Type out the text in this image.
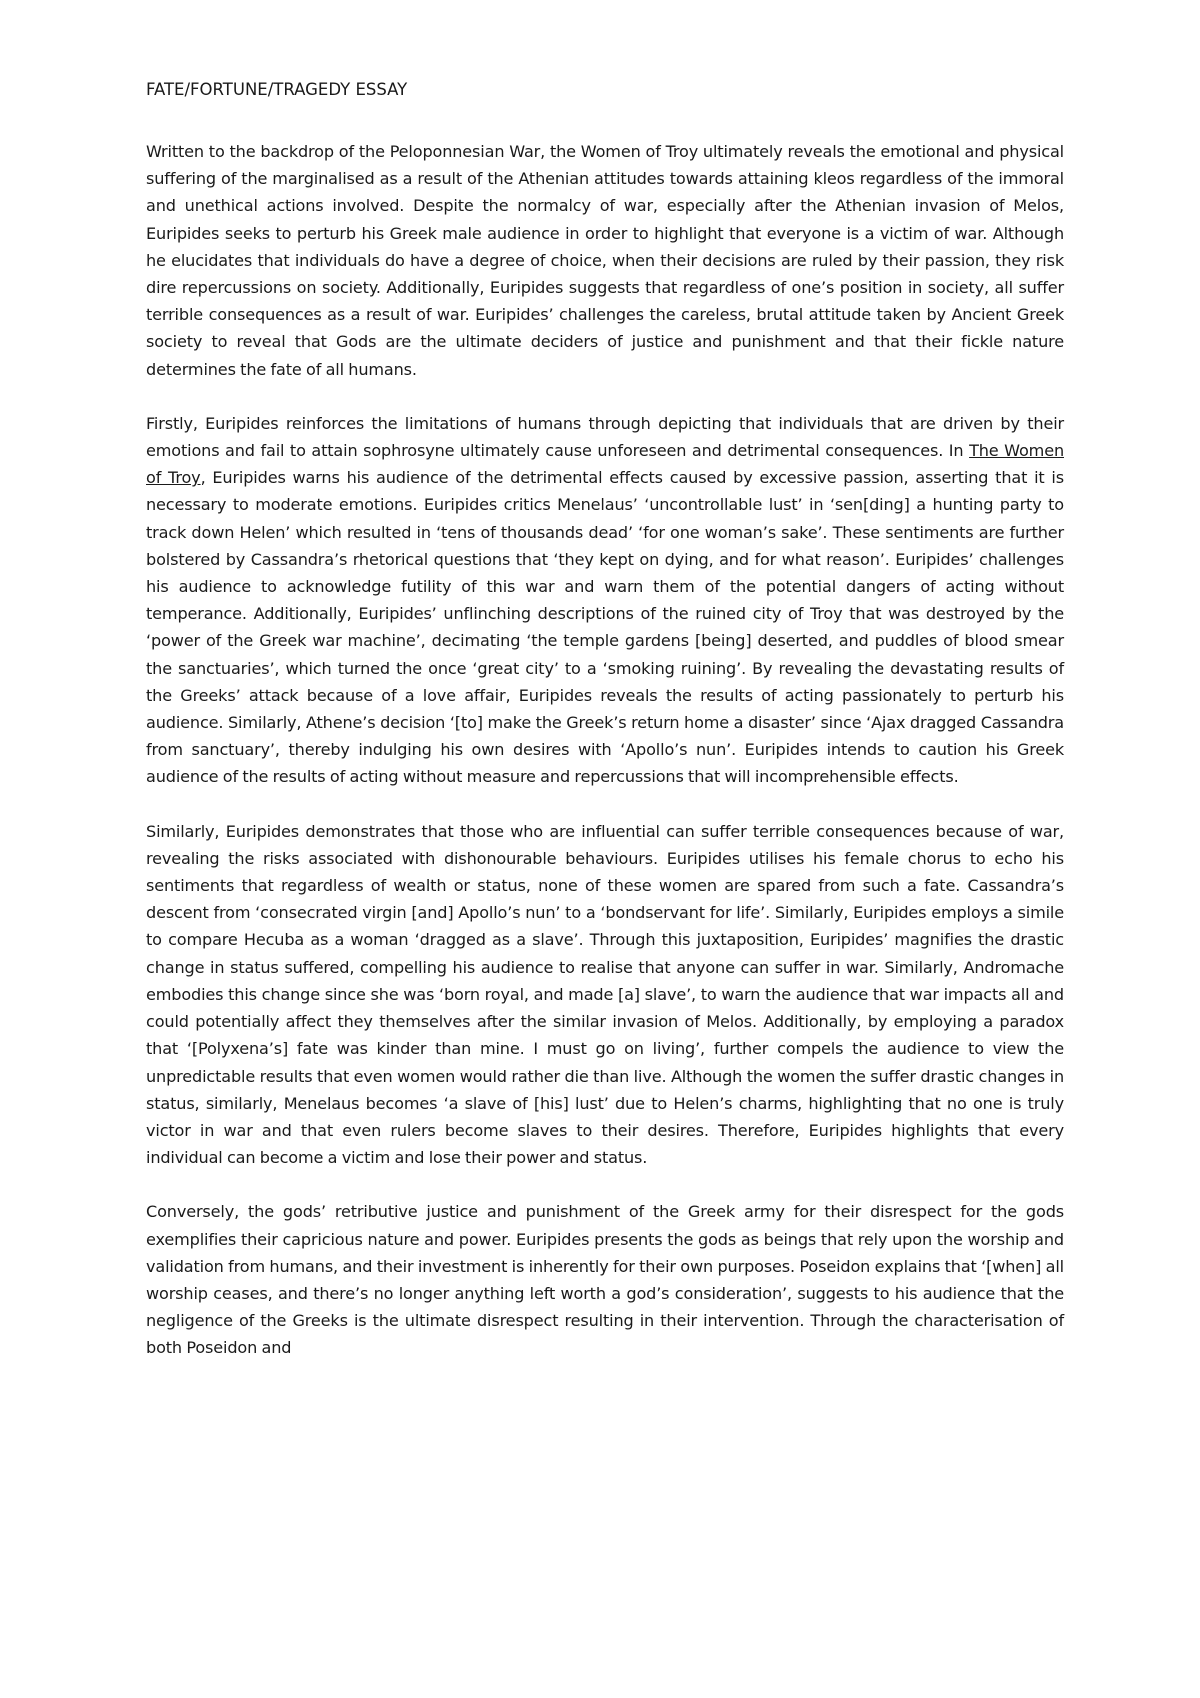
FATE/FORTUNE/TRAGEDY ESSAY

Written to the backdrop of the Peloponnesian War, the Women of Troy ultimately reveals the emotional and physical suffering of the marginalised as a result of the Athenian attitudes towards attaining kleos regardless of the immoral and unethical actions involved. Despite the normalcy of war, especially after the Athenian invasion of Melos, Euripides seeks to perturb his Greek male audience in order to highlight that everyone is a victim of war. Although he elucidates that individuals do have a degree of choice, when their decisions are ruled by their passion, they risk dire repercussions on society. Additionally, Euripides suggests that regardless of one’s position in society, all suffer terrible consequences as a result of war. Euripides’ challenges the careless, brutal attitude taken by Ancient Greek society to reveal that Gods are the ultimate deciders of justice and punishment and that their fickle nature determines the fate of all humans.

Firstly, Euripides reinforces the limitations of humans through depicting that individuals that are driven by their emotions and fail to attain sophrosyne ultimately cause unforeseen and detrimental consequences. In The Women of Troy, Euripides warns his audience of the detrimental effects caused by excessive passion, asserting that it is necessary to moderate emotions. Euripides critics Menelaus’ ‘uncontrollable lust’ in ‘sen[ding] a hunting party to track down Helen’ which resulted in ‘tens of thousands dead’ ‘for one woman’s sake’. These sentiments are further bolstered by Cassandra’s rhetorical questions that ‘they kept on dying, and for what reason’. Euripides’ challenges his audience to acknowledge futility of this war and warn them of the potential dangers of acting without temperance. Additionally, Euripides’ unflinching descriptions of the ruined city of Troy that was destroyed by the ‘power of the Greek war machine’, decimating ‘the temple gardens [being] deserted, and puddles of blood smear the sanctuaries’, which turned the once ‘great city’ to a ‘smoking ruining’. By revealing the devastating results of the Greeks’ attack because of a love affair, Euripides reveals the results of acting passionately to perturb his audience. Similarly, Athene’s decision ‘[to] make the Greek’s return home a disaster’ since ‘Ajax dragged Cassandra from sanctuary’, thereby indulging his own desires with ‘Apollo’s nun’. Euripides intends to caution his Greek audience of the results of acting without measure and repercussions that will incomprehensible effects.

Similarly, Euripides demonstrates that those who are influential can suffer terrible consequences because of war, revealing the risks associated with dishonourable behaviours. Euripides utilises his female chorus to echo his sentiments that regardless of wealth or status, none of these women are spared from such a fate. Cassandra’s descent from ‘consecrated virgin [and] Apollo’s nun’ to a ‘bondservant for life’. Similarly, Euripides employs a simile to compare Hecuba as a woman ‘dragged as a slave’. Through this juxtaposition, Euripides’ magnifies the drastic change in status suffered, compelling his audience to realise that anyone can suffer in war. Similarly, Andromache embodies this change since she was ‘born royal, and made [a] slave’, to warn the audience that war impacts all and could potentially affect they themselves after the similar invasion of Melos. Additionally, by employing a paradox that ‘[Polyxena’s] fate was kinder than mine. I must go on living’, further compels the audience to view the unpredictable results that even women would rather die than live. Although the women the suffer drastic changes in status, similarly, Menelaus becomes ‘a slave of [his] lust’ due to Helen’s charms, highlighting that no one is truly victor in war and that even rulers become slaves to their desires. Therefore, Euripides highlights that every individual can become a victim and lose their power and status.

Conversely, the gods’ retributive justice and punishment of the Greek army for their disrespect for the gods exemplifies their capricious nature and power. Euripides presents the gods as beings that rely upon the worship and validation from humans, and their investment is inherently for their own purposes. Poseidon explains that ‘[when] all worship ceases, and there’s no longer anything left worth a god’s consideration’, suggests to his audience that the negligence of the Greeks is the ultimate disrespect resulting in their intervention. Through the characterisation of both Poseidon and
